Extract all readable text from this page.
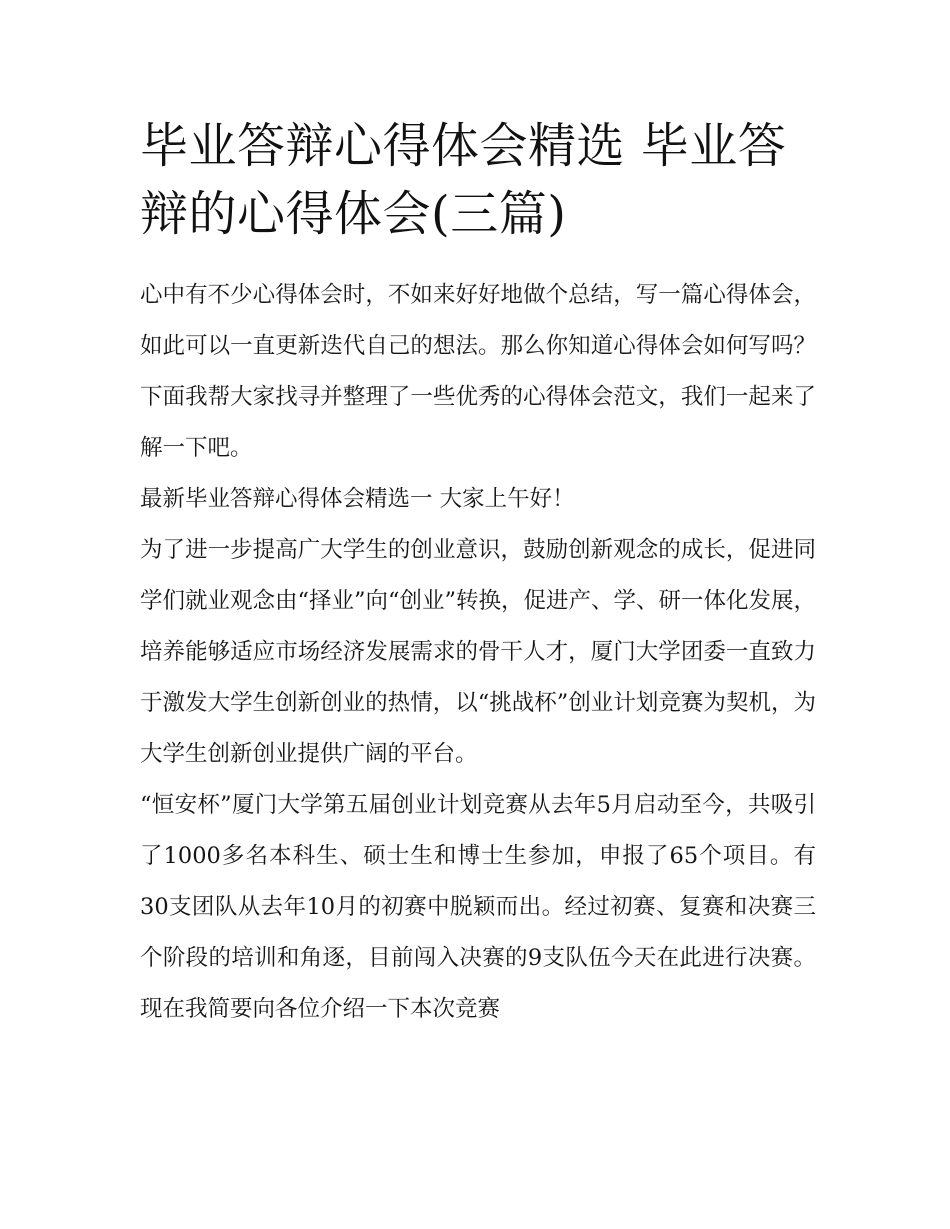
毕业答辩心得体会精选 毕业答辩的心得体会(三篇)

心中有不少心得体会时，不如来好好地做个总结，写一篇心得体会，如此可以一直更新迭代自己的想法。那么你知道心得体会如何写吗？下面我帮大家找寻并整理了一些优秀的心得体会范文，我们一起来了解一下吧。

最新毕业答辩心得体会精选一 大家上午好！

为了进一步提高广大学生的创业意识，鼓励创新观念的成长，促进同学们就业观念由“择业”向“创业”转换，促进产、学、研一体化发展，培养能够适应市场经济发展需求的骨干人才，厦门大学团委一直致力于激发大学生创新创业的热情，以“挑战杯”创业计划竞赛为契机，为大学生创新创业提供广阔的平台。

“恒安杯”厦门大学第五届创业计划竞赛从去年5月启动至今，共吸引了1000多名本科生、硕士生和博士生参加，申报了65个项目。有30支团队从去年10月的初赛中脱颖而出。经过初赛、复赛和决赛三个阶段的培训和角逐，目前闯入决赛的9支队伍今天在此进行决赛。现在我简要向各位介绍一下本次竞赛
